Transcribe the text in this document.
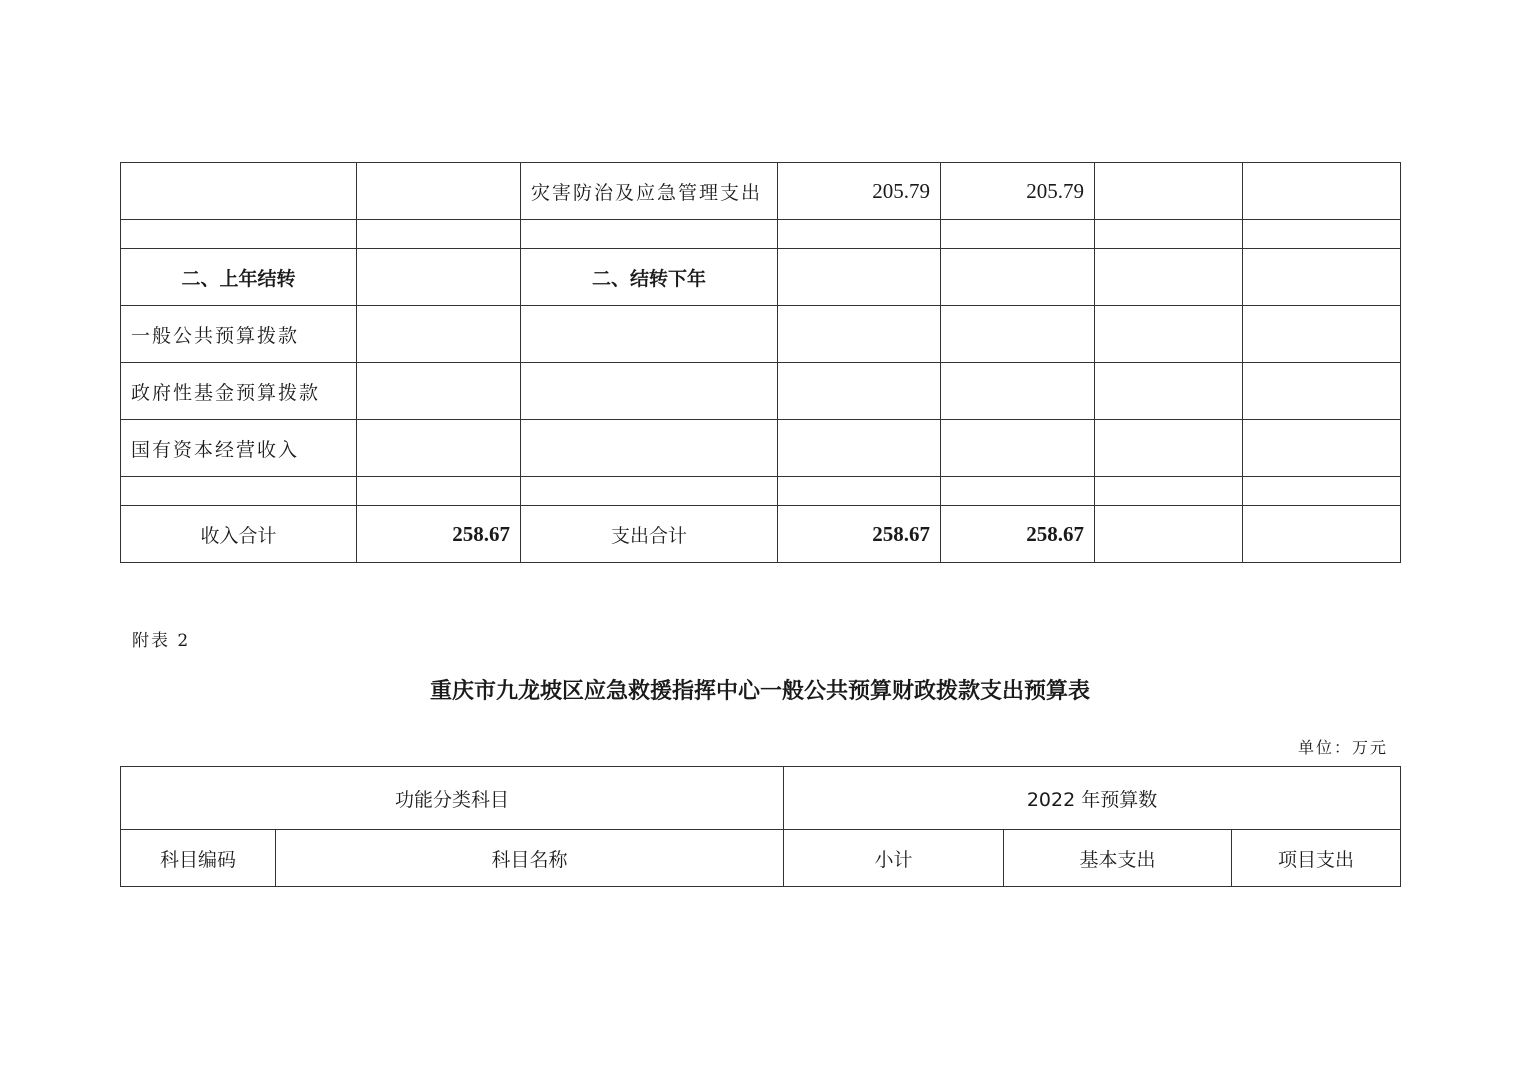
		灾害防治及应急管理支出	205.79	205.79		

二、上年结转		二、结转下年				
一般公共预算拨款						
政府性基金预算拨款						
国有资本经营收入						

收入合计	258.67	支出合计	258.67	258.67		
附表 2
重庆市九龙坡区应急救援指挥中心一般公共预算财政拨款支出预算表
单位：万元
功能分类科目		2022 年预算数		
科目编码	科目名称	小计	基本支出	项目支出
